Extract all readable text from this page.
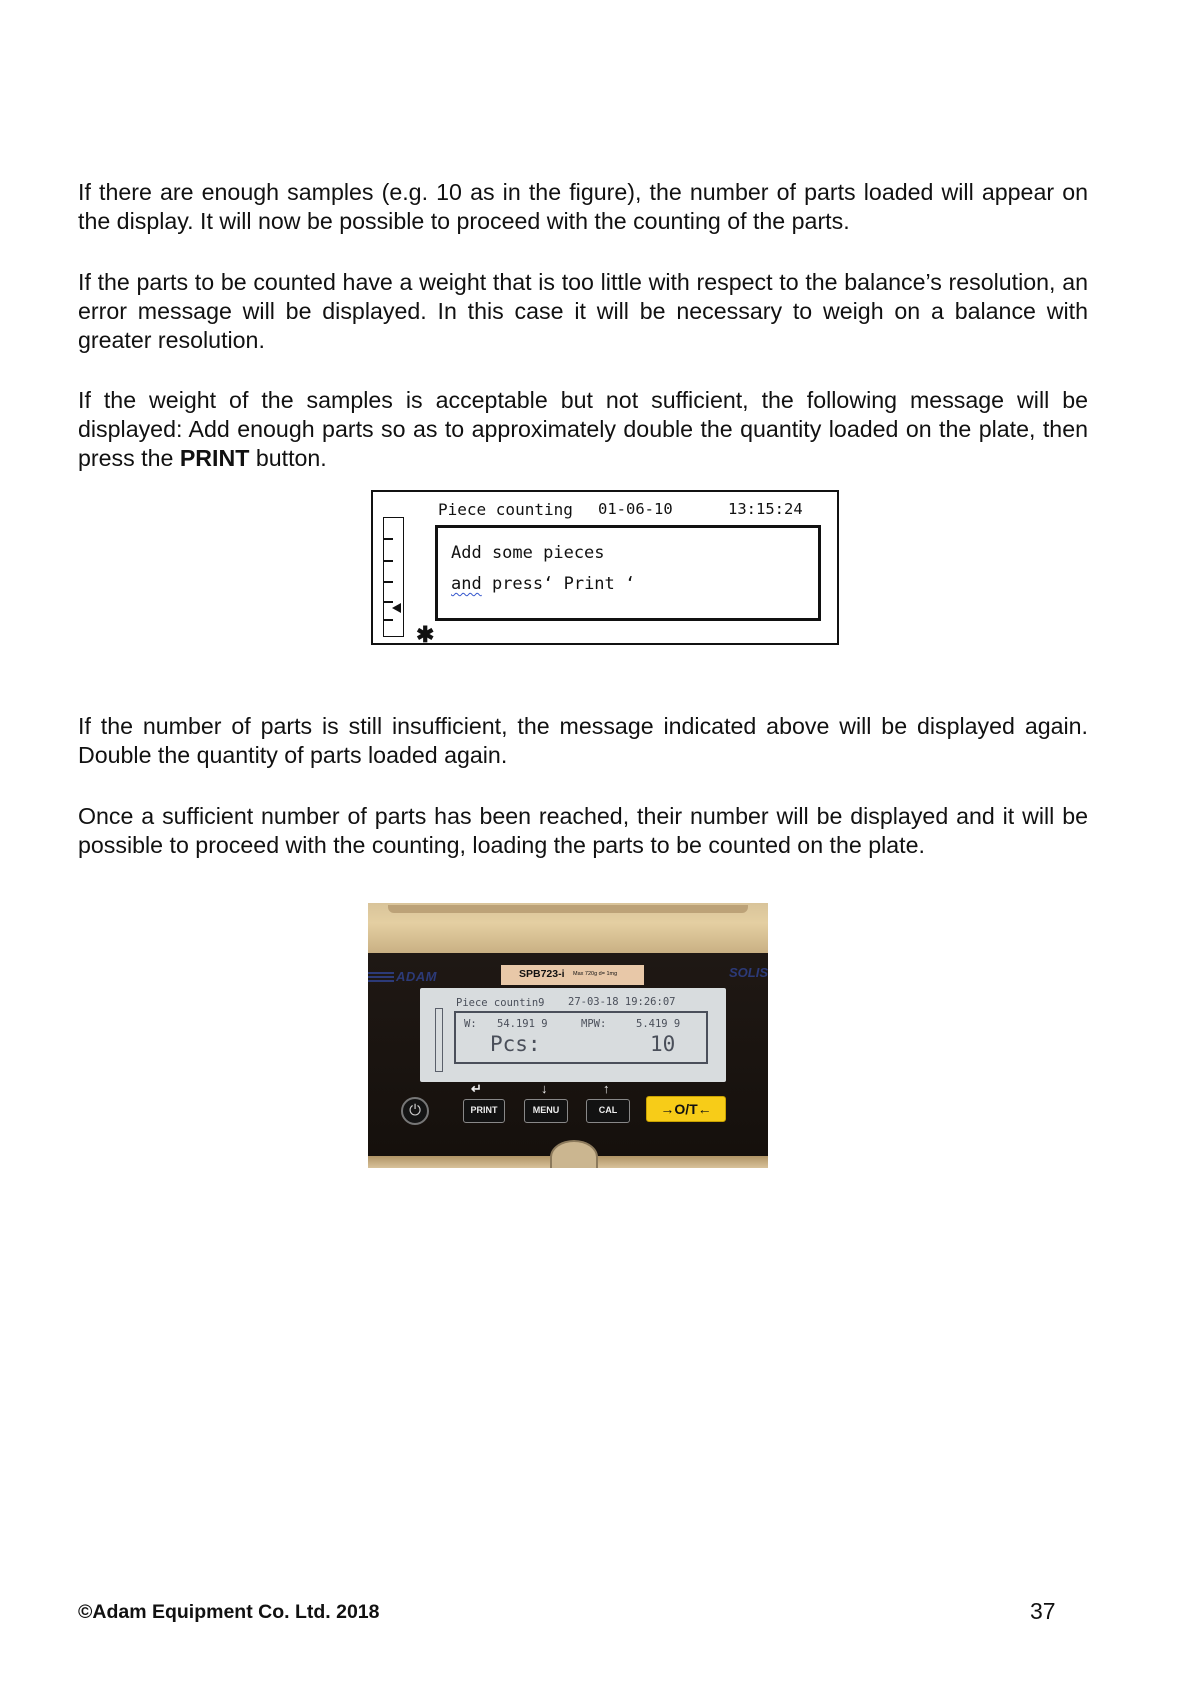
If there are enough samples (e.g. 10 as in the figure), the number of parts loaded will appear on the display. It will now be possible to proceed with the counting of the parts.

If the parts to be counted have a weight that is too little with respect to the balance’s resolution, an error message will be displayed. In this case it will be necessary to weigh on a balance with greater resolution.

If the weight of the samples is acceptable but not sufficient, the following message will be displayed: Add enough parts so as to approximately double the quantity loaded on the plate, then press the PRINT button.

Piece counting 01-06-10	13:15:24
✱
Add some pieces
and press‘ Print ‘

If the number of parts is still insufficient, the message indicated above will be displayed again. Double the quantity of parts loaded again.

Once a sufficient number of parts has been reached, their number will be displayed and it will be possible to proceed with the counting, loading the parts to be counted on the plate.

ADAM	SOLIS
SPB723-i Max 720g d= 1mg
Piece countin9 27-03-18 19:26:07
W: 54.191 9	MPW:	5.419 9
Pcs:	10
↵	↓	↑
⏻	PRINT	MENU	CAL	→O/T←
©Adam Equipment Co. Ltd. 2018	37
